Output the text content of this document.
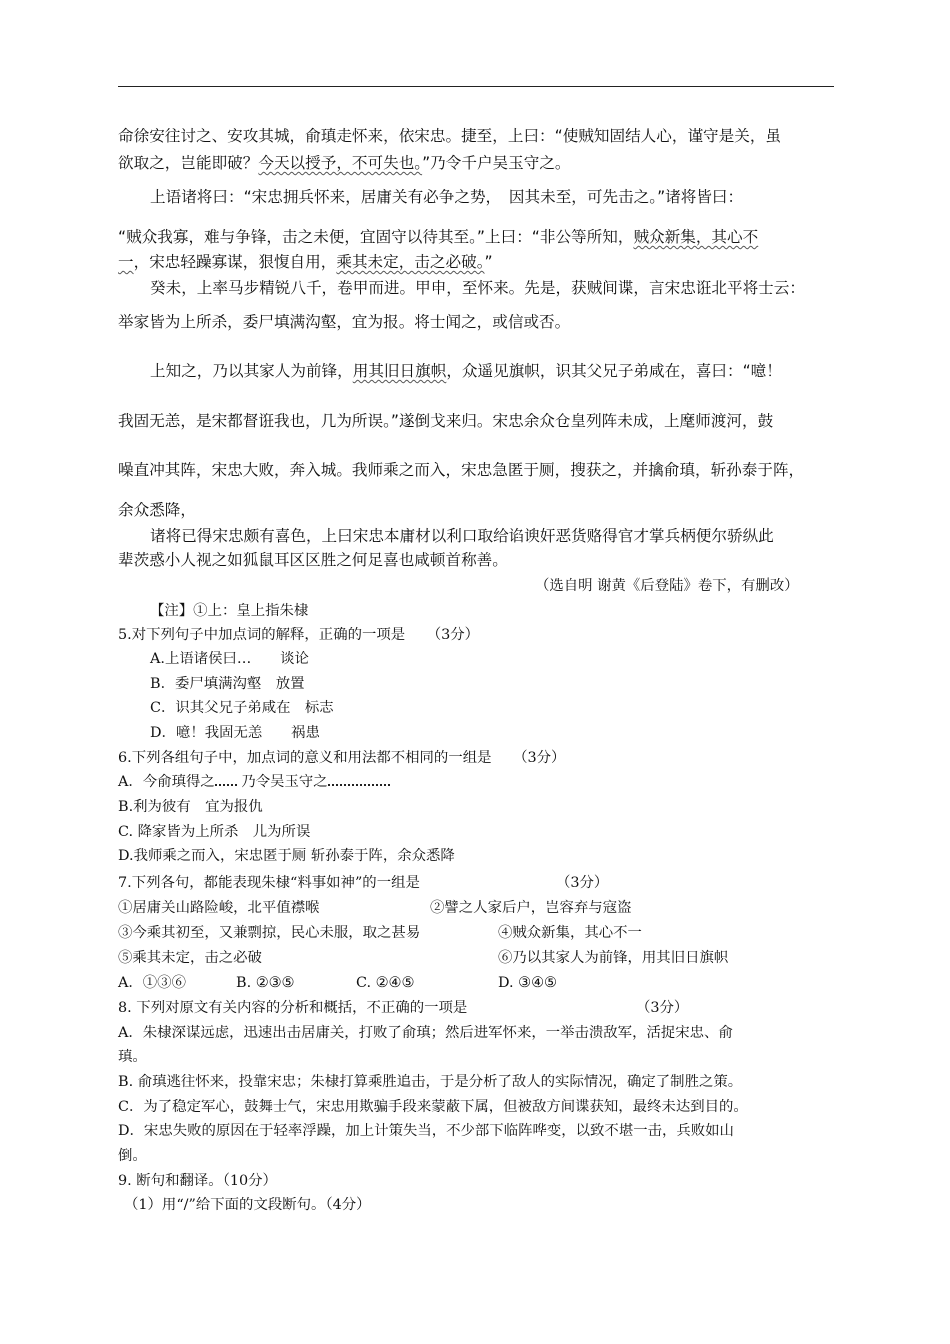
命徐安往讨之、安攻其城，俞瑱走怀来，依宋忠。捷至，上曰：“使贼知固结人心，谨守是关，虽
欲取之，岂能即破？今天以授予，不可失也。”乃令千户吴玉守之。
上语诸将曰：“宋忠拥兵怀来，居庸关有必争之势，　因其未至，可先击之。”诸将皆曰：
“贼众我寡，难与争锋，击之未便，宜固守以待其至。”上曰：“非公等所知，贼众新集，其心不
一，宋忠轻躁寡谋，狠愎自用，乘其未定，击之必破。”
癸未，上率马步精锐八千，卷甲而进。甲申，至怀来。先是，获贼间谍，言宋忠诳北平将士云：
举家皆为上所杀，委尸填满沟壑，宜为报。将士闻之，或信或否。
上知之，乃以其家人为前锋，用其旧日旗帜，众遥见旗帜，识其父兄子弟咸在，喜曰：“噫！
我固无恙，是宋都督诳我也，几为所误。”遂倒戈来归。宋忠余众仓皇列阵未成，上麾师渡河，鼓
噪直冲其阵，宋忠大败，奔入城。我师乘之而入，宋忠急匿于厕，搜获之，并擒俞瑱，斩孙泰于阵，
余众悉降，
诸将已得宋忠颇有喜色，上曰宋忠本庸材以利口取给谄谀奸恶货赂得官才掌兵柄便尔骄纵此
辈茨惑小人视之如狐鼠耳区区胜之何足喜也咸顿首称善。
（选自明 谢黄《后登陆》卷下，有删改）
【注】①上：皇上指朱棣
5.对下列句子中加点词的解释，正确的一项是　　（3分）
A.上语诸侯曰…　　谈论
B．委尸填满沟壑　放置
C．识其父兄子弟咸在　标志
D．噫！我固无恙　　祸患
6.下列各组句子中，加点词的意义和用法都不相同的一组是　　（3分）
A．今俞瑱得之 乃令吴玉守之
B.利为彼有　宜为报仇
C. 降家皆为上所杀　儿为所误
D.我师乘之而入，宋忠匿于厕 斩孙泰于阵，余众悉降
7.下列各句，都能表现朱棣“料事如神”的一组是	（3分）
①居庸关山路险峻，北平值襟喉	②譬之人家后户，岂容弃与寇盗
③今乘其初至，又兼剽掠，民心未服，取之甚易	④贼众新集，其心不一
⑤乘其未定，击之必破	⑥乃以其家人为前锋，用其旧日旗帜
A．①③⑥	B. ②③⑤	C. ②④⑤	D. ③④⑤
8. 下列对原文有关内容的分析和概括，不正确的一项是	（3分）
A．朱棣深谋远虑，迅速出击居庸关，打败了俞瑱；然后进军怀来，一举击溃敌军，活捉宋忠、俞
瑱。
B. 俞瑱逃往怀来，投靠宋忠；朱棣打算乘胜追击，于是分析了敌人的实际情况，确定了制胜之策。
C．为了稳定军心，鼓舞士气，宋忠用欺骗手段来蒙蔽下属，但被敌方间谍获知，最终未达到目的。
D．宋忠失败的原因在于轻率浮躁，加上计策失当，不少部下临阵哗变，以致不堪一击，兵败如山
倒。
9. 断句和翻译。（10分）
（1）用“/”给下面的文段断句。（4分）
